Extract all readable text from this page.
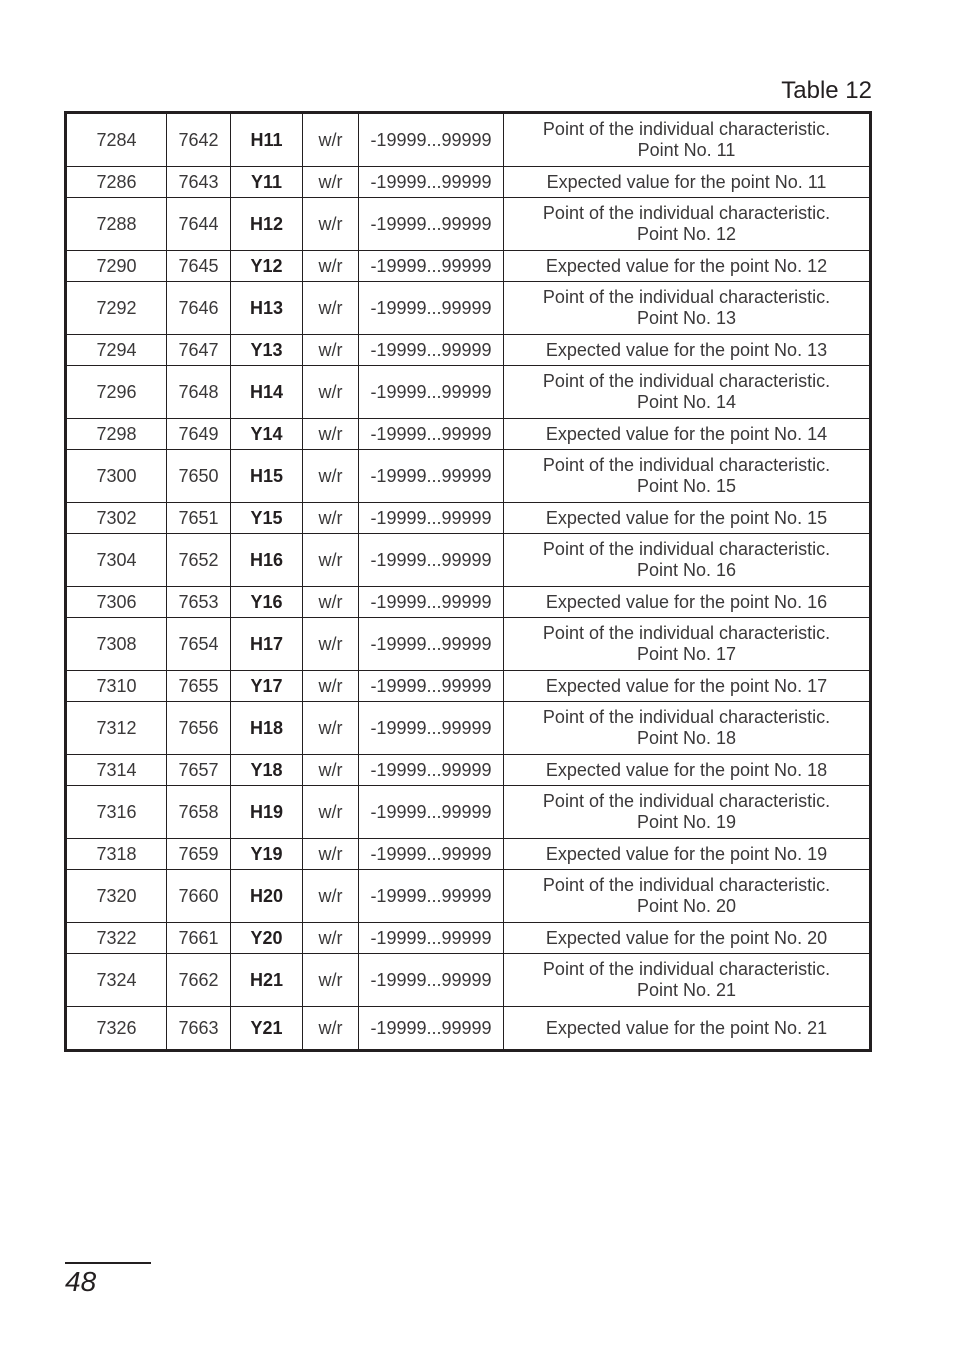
Table 12
7284	7642	H11	w/r	-19999...99999	Point of the individual characteristic.
Point No. 11
7286	7643	Y11	w/r	-19999...99999	Expected value for the point No. 11
7288	7644	H12	w/r	-19999...99999	Point of the individual characteristic.
Point No. 12
7290	7645	Y12	w/r	-19999...99999	Expected value for the point No. 12
7292	7646	H13	w/r	-19999...99999	Point of the individual characteristic.
Point No. 13
7294	7647	Y13	w/r	-19999...99999	Expected value for the point No. 13
7296	7648	H14	w/r	-19999...99999	Point of the individual characteristic.
Point No. 14
7298	7649	Y14	w/r	-19999...99999	Expected value for the point No. 14
7300	7650	H15	w/r	-19999...99999	Point of the individual characteristic.
Point No. 15
7302	7651	Y15	w/r	-19999...99999	Expected value for the point No. 15
7304	7652	H16	w/r	-19999...99999	Point of the individual characteristic.
Point No. 16
7306	7653	Y16	w/r	-19999...99999	Expected value for the point No. 16
7308	7654	H17	w/r	-19999...99999	Point of the individual characteristic.
Point No. 17
7310	7655	Y17	w/r	-19999...99999	Expected value for the point No. 17
7312	7656	H18	w/r	-19999...99999	Point of the individual characteristic.
Point No. 18
7314	7657	Y18	w/r	-19999...99999	Expected value for the point No. 18
7316	7658	H19	w/r	-19999...99999	Point of the individual characteristic.
Point No. 19
7318	7659	Y19	w/r	-19999...99999	Expected value for the point No. 19
7320	7660	H20	w/r	-19999...99999	Point of the individual characteristic.
Point No. 20
7322	7661	Y20	w/r	-19999...99999	Expected value for the point No. 20
7324	7662	H21	w/r	-19999...99999	Point of the individual characteristic.
Point No. 21
7326	7663	Y21	w/r	-19999...99999	Expected value for the point No. 21
48
